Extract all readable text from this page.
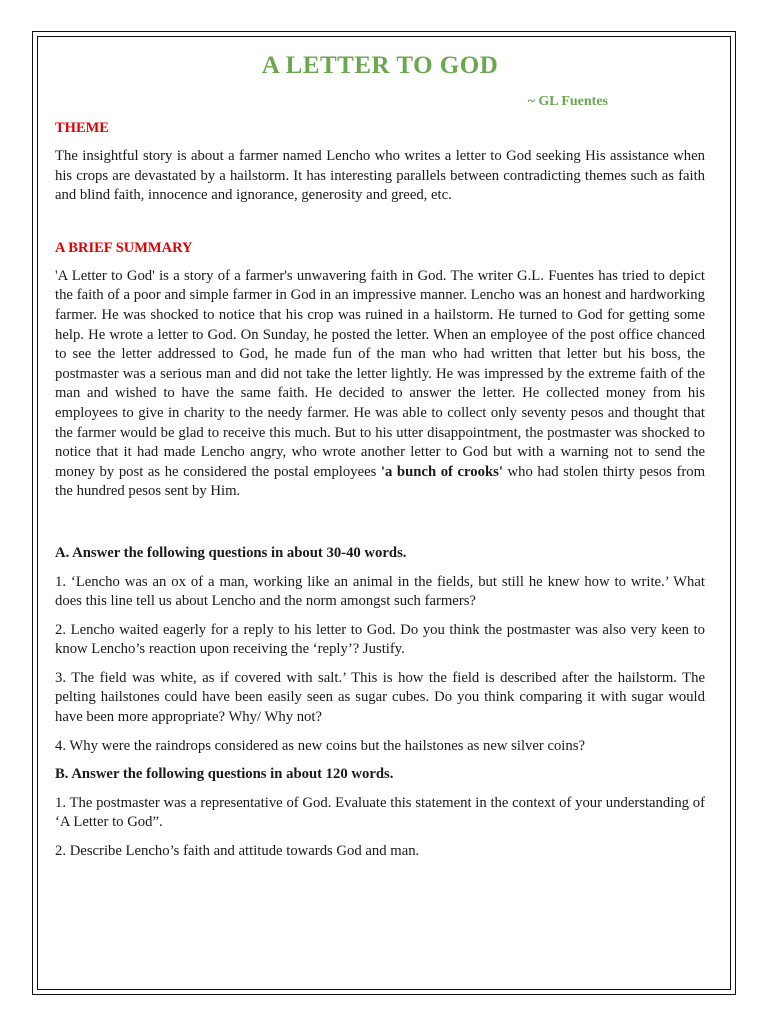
A LETTER TO GOD
~ GL Fuentes
THEME

The insightful story is about a farmer named Lencho who writes a letter to God seeking His assistance when his crops are devastated by a hailstorm. It has interesting parallels between contradicting themes such as faith and blind faith, innocence and ignorance, generosity and greed, etc.

A BRIEF SUMMARY

'A Letter to God' is a story of a farmer's unwavering faith in God. The writer G.L. Fuentes has tried to depict the faith of a poor and simple farmer in God in an impressive manner. Lencho was an honest and hardworking farmer. He was shocked to notice that his crop was ruined in a hailstorm. He turned to God for getting some help. He wrote a letter to God. On Sunday, he posted the letter. When an employee of the post office chanced to see the letter addressed to God, he made fun of the man who had written that letter but his boss, the postmaster was a serious man and did not take the letter lightly. He was impressed by the extreme faith of the man and wished to have the same faith. He decided to answer the letter. He collected money from his employees to give in charity to the needy farmer. He was able to collect only seventy pesos and thought that the farmer would be glad to receive this much. But to his utter disappointment, the postmaster was shocked to notice that it had made Lencho angry, who wrote another letter to God but with a warning not to send the money by post as he considered the postal employees 'a bunch of crooks' who had stolen thirty pesos from the hundred pesos sent by Him.

A. Answer the following questions in about 30-40 words.

1. ‘Lencho was an ox of a man, working like an animal in the fields, but still he knew how to write.’ What does this line tell us about Lencho and the norm amongst such farmers?

2. Lencho waited eagerly for a reply to his letter to God. Do you think the postmaster was also very keen to know Lencho’s reaction upon receiving the ‘reply’? Justify.

3. The field was white, as if covered with salt.’ This is how the field is described after the hailstorm. The pelting hailstones could have been easily seen as sugar cubes. Do you think comparing it with sugar would have been more appropriate? Why/ Why not?

4. Why were the raindrops considered as new coins but the hailstones as new silver coins?

B. Answer the following questions in about 120 words.

1. The postmaster was a representative of God. Evaluate this statement in the context of your understanding of ‘A Letter to God”.

2. Describe Lencho’s faith and attitude towards God and man.
